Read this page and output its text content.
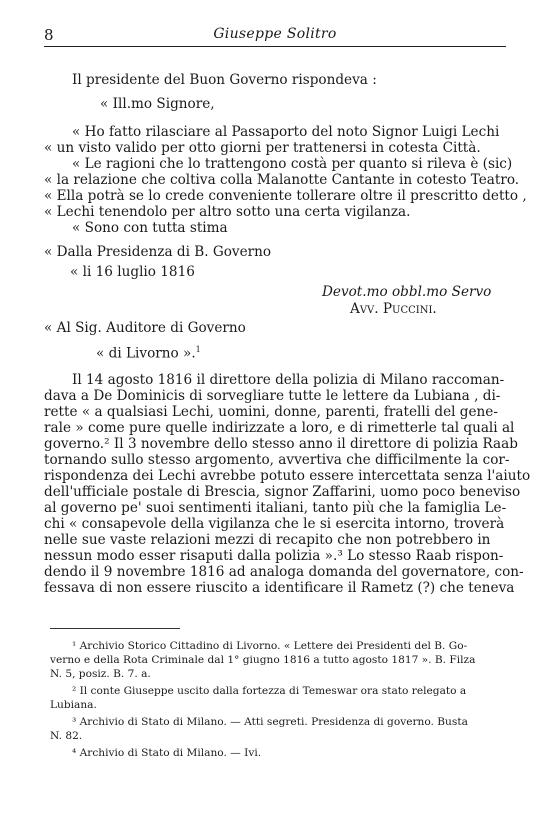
8	Giuseppe Solitro
Il presidente del Buon Governo rispondeva :
« Ill.mo Signore,
« Ho fatto rilasciare al Passaporto del noto Signor Luigi Lechi
« un visto valido per otto giorni per trattenersi in cotesta Città.
« Le ragioni che lo trattengono costà per quanto si rileva è (sic)
« la relazione che coltiva colla Malanotte Cantante in cotesto Teatro.
« Ella potrà se lo crede conveniente tollerare oltre il prescritto detto ,
« Lechi tenendolo per altro sotto una certa vigilanza.
« Sono con tutta stima
« Dalla Presidenza di B. Governo
« li 16 luglio 1816
Devot.mo obbl.mo Servo
Avv. Puccini.
« Al Sig. Auditore di Governo
« di Livorno ».$^1$
Il 14 agosto 1816 il direttore della polizia di Milano raccoman-
dava a De Dominicis di sorvegliare tutte le lettere da Lubiana , di-
rette « a qualsiasi Lechi, uomini, donne, parenti, fratelli del gene-
rale » come pure quelle indirizzate a loro, e di rimetterle tal quali al
governo.² Il 3 novembre dello stesso anno il direttore di polizia Raab
tornando sullo stesso argomento, avvertiva che difficilmente la cor-
rispondenza dei Lechi avrebbe potuto essere intercettata senza l'aiuto
dell'ufficiale postale di Brescia, signor Zaffarini, uomo poco beneviso
al governo pe' suoi sentimenti italiani, tanto più che la famiglia Le-
chi « consapevole della vigilanza che le si esercita intorno, troverà
nelle sue vaste relazioni mezzi di recapito che non potrebbero in
nessun modo esser risaputi dalla polizia ».³ Lo stesso Raab rispon-
dendo il 9 novembre 1816 ad analoga domanda del governatore, con-
fessava di non essere riuscito a identificare il Rametz (?) che teneva
¹ Archivio Storico Cittadino di Livorno. « Lettere dei Presidenti del B. Go-
verno e della Rota Criminale dal 1° giugno 1816 a tutto agosto 1817 ». B. Filza
N. 5, posiz. B. 7. a.
² Il conte Giuseppe uscito dalla fortezza di Temeswar ora stato relegato a
Lubiana.
³ Archivio di Stato di Milano. — Atti segreti. Presidenza di governo. Busta
N. 82.
⁴ Archivio di Stato di Milano. — Ivi.
